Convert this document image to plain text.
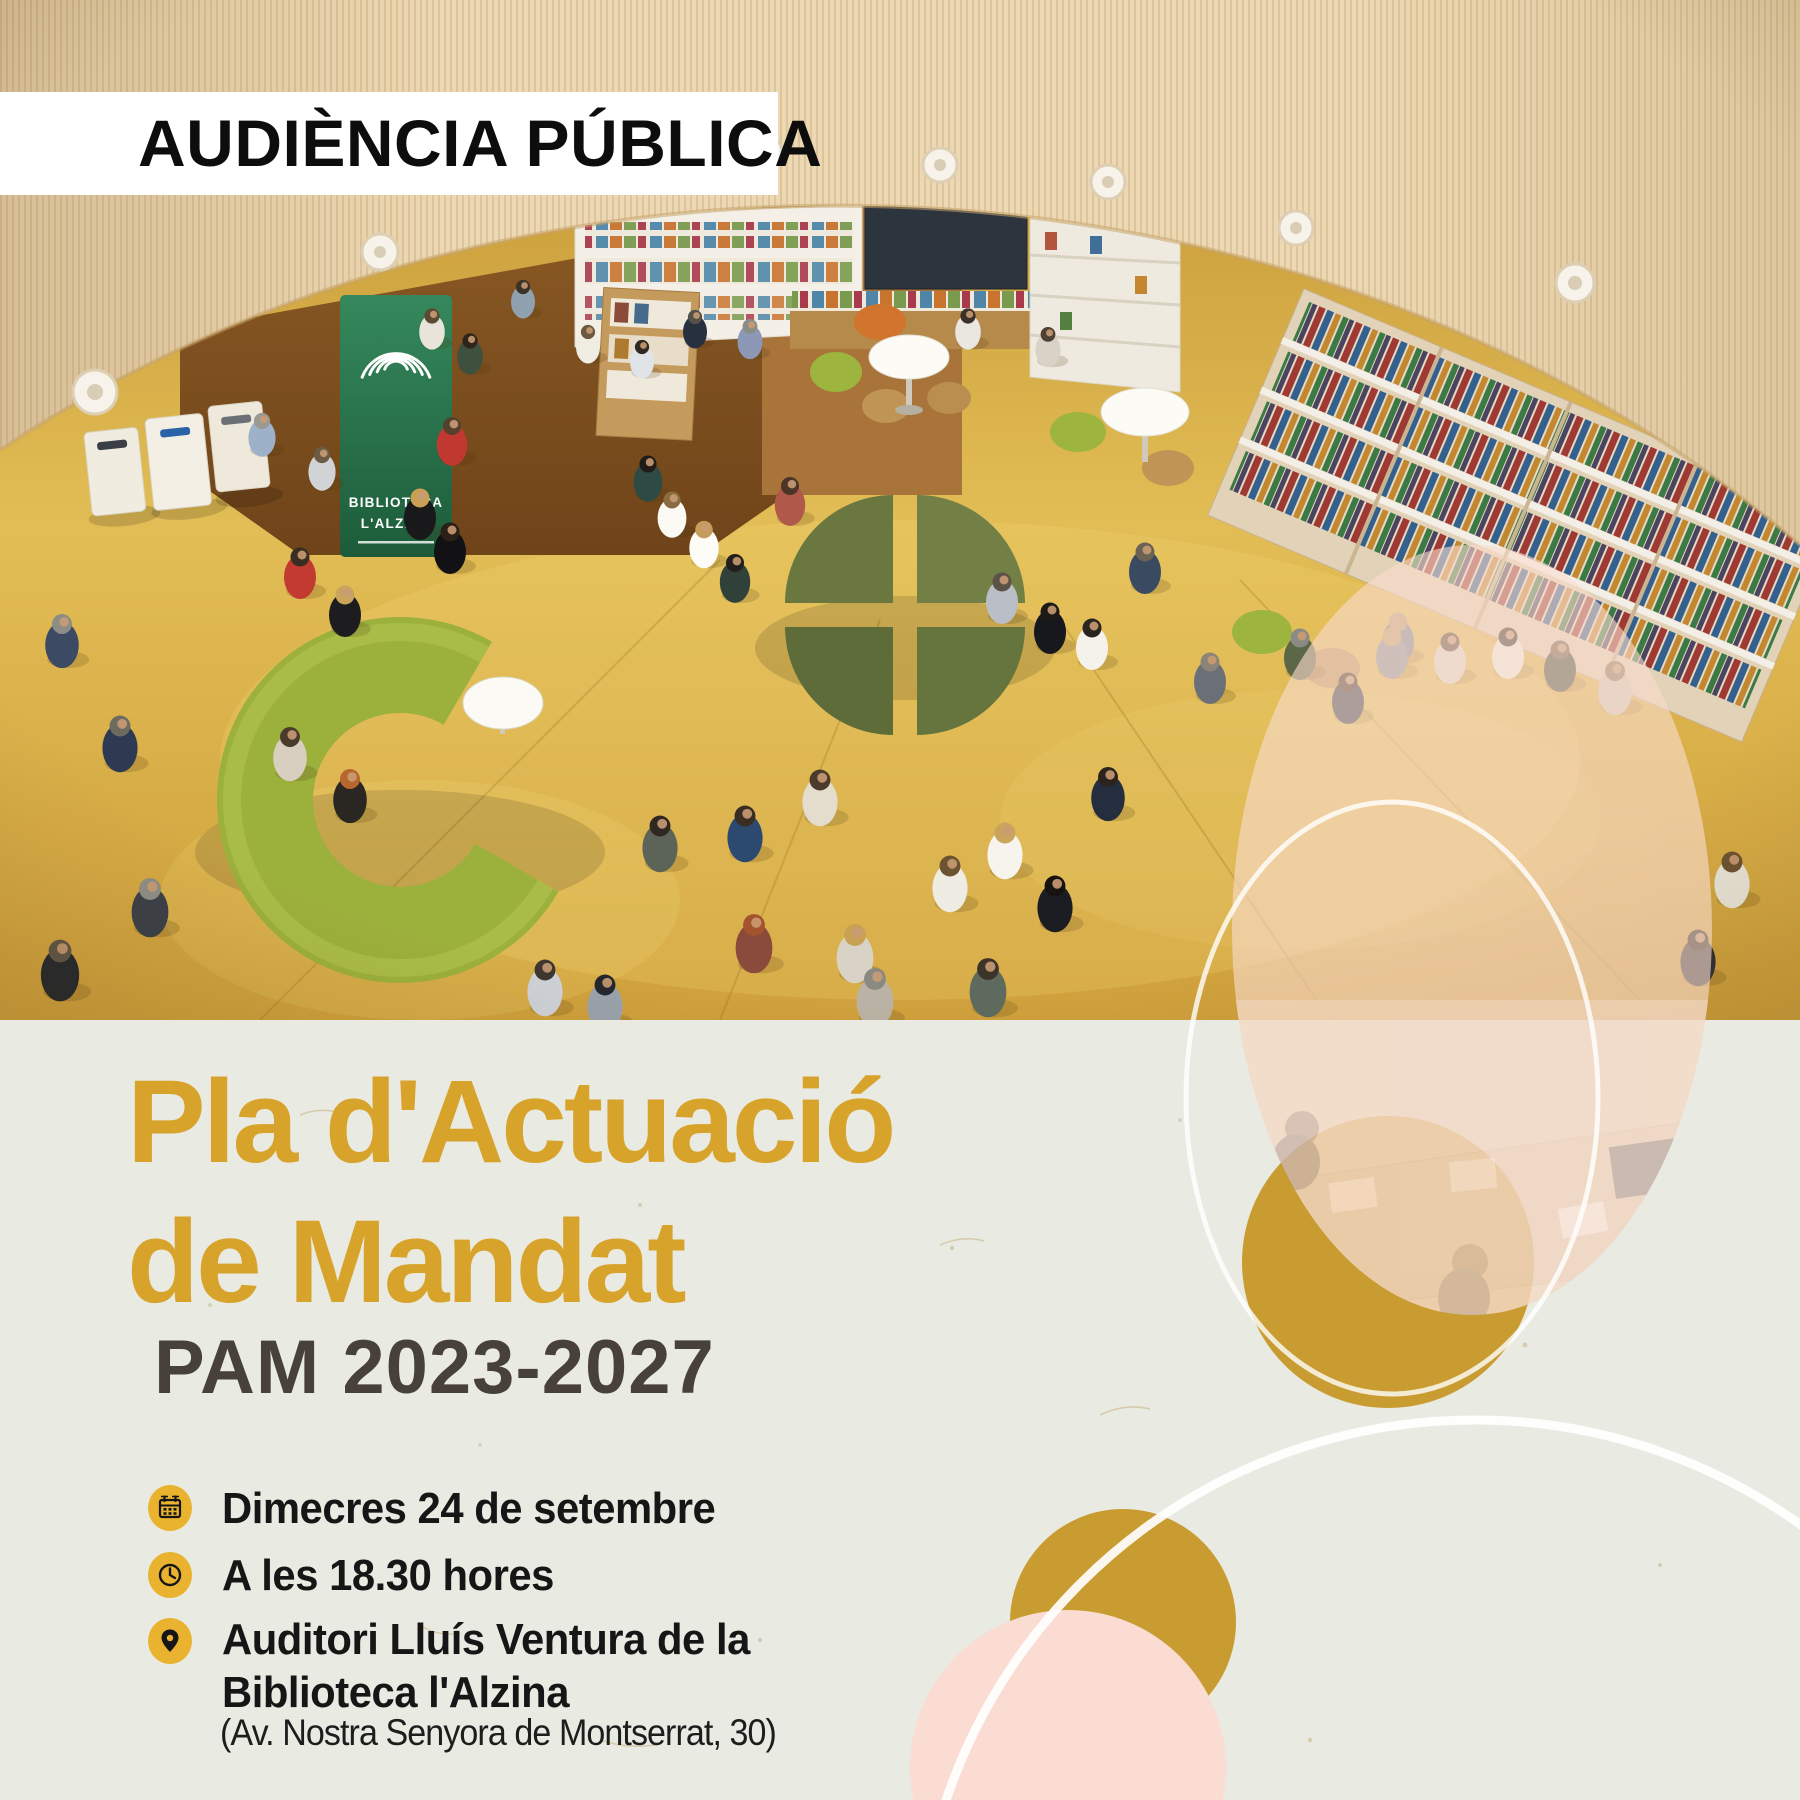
AUDIÈNCIA PÚBLICA
Pla d'Actuació
de Mandat
PAM 2023-2027
Dimecres 24 de setembre
A les 18.30 hores
Auditori Lluís Ventura de la
Biblioteca l'Alzina
(Av. Nostra Senyora de Montserrat, 30)
